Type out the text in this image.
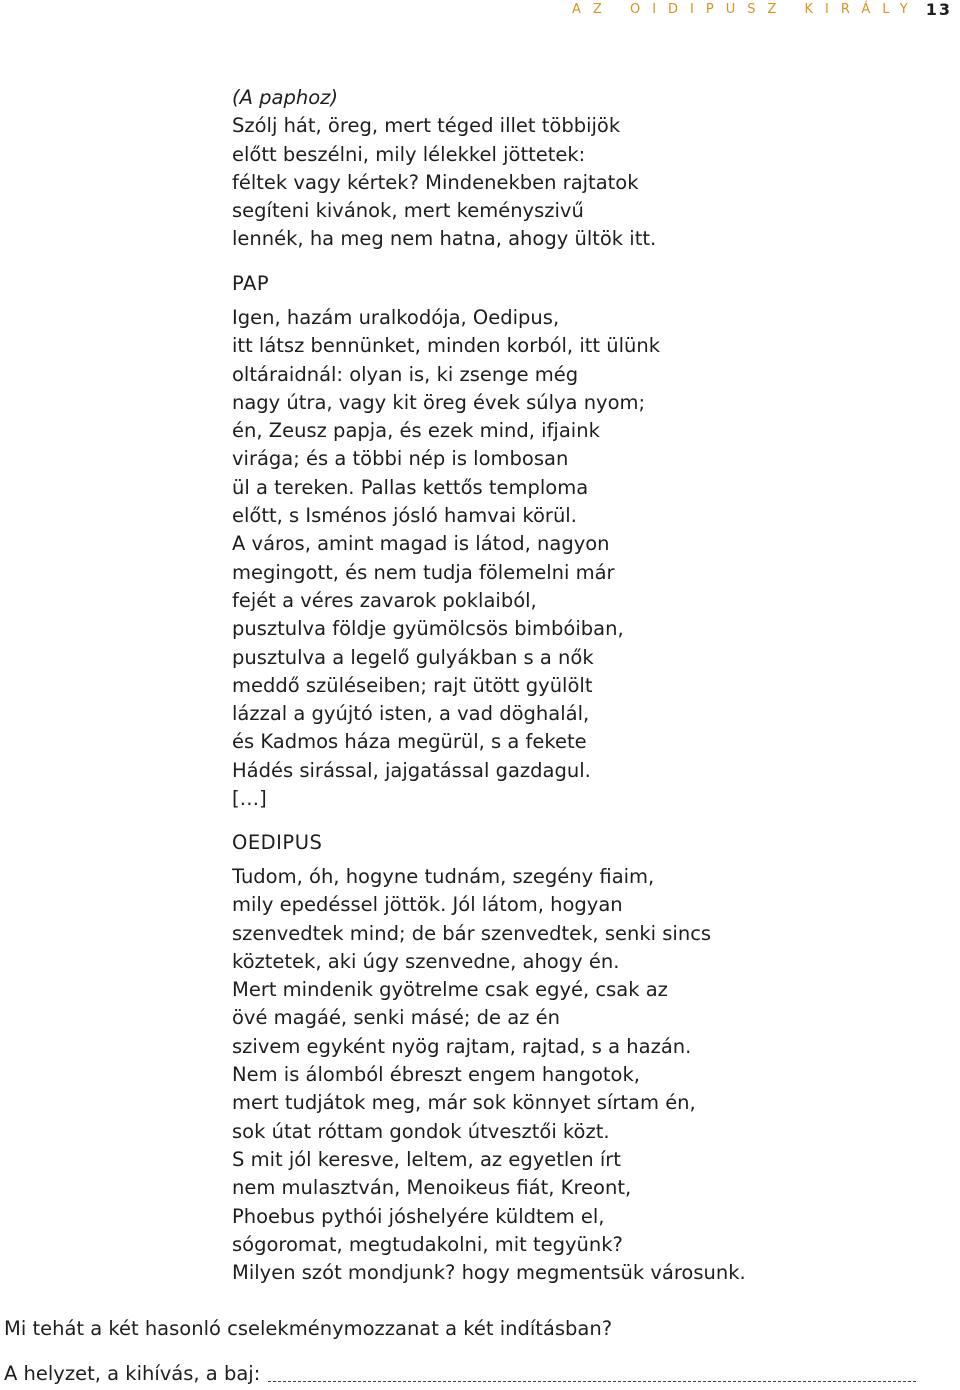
AZ OIDIPUSZ KIRÁLY 13
(A paphoz)
Szólj hát, öreg, mert téged illet többijök
előtt beszélni, mily lélekkel jöttetek:
féltek vagy kértek? Mindenekben rajtatok
segíteni kivánok, mert keményszivű
lennék, ha meg nem hatna, ahogy ültök itt.
PAP
Igen, hazám uralkodója, Oedipus,
itt látsz bennünket, minden korból, itt ülünk
oltáraidnál: olyan is, ki zsenge még
nagy útra, vagy kit öreg évek súlya nyom;
én, Zeusz papja, és ezek mind, ifjaink
virága; és a többi nép is lombosan
ül a tereken. Pallas kettős temploma
előtt, s Isménos jósló hamvai körül.
A város, amint magad is látod, nagyon
megingott, és nem tudja fölemelni már
fejét a véres zavarok poklaiból,
pusztulva földje gyümölcsös bimbóiban,
pusztulva a legelő gulyákban s a nők
meddő szüléseiben; rajt ütött gyülölt
lázzal a gyújtó isten, a vad döghalál,
és Kadmos háza megürül, s a fekete
Hádés sirással, jajgatással gazdagul.
[…]
OEDIPUS
Tudom, óh, hogyne tudnám, szegény fiaim,
mily epedéssel jöttök. Jól látom, hogyan
szenvedtek mind; de bár szenvedtek, senki sincs
köztetek, aki úgy szenvedne, ahogy én.
Mert mindenik gyötrelme csak egyé, csak az
övé magáé, senki másé; de az én
szivem egyként nyög rajtam, rajtad, s a hazán.
Nem is álomból ébreszt engem hangotok,
mert tudjátok meg, már sok könnyet sírtam én,
sok útat róttam gondok útvesztői közt.
S mit jól keresve, leltem, az egyetlen írt
nem mulasztván, Menoikeus fiát, Kreont,
Phoebus pythói jóshelyére küldtem el,
sógoromat, megtudakolni, mit tegyünk?
Milyen szót mondjunk? hogy megmentsük városunk.
Mi tehát a két hasonló cselekménymozzanat a két indításban?
A helyzet, a kihívás, a baj:
